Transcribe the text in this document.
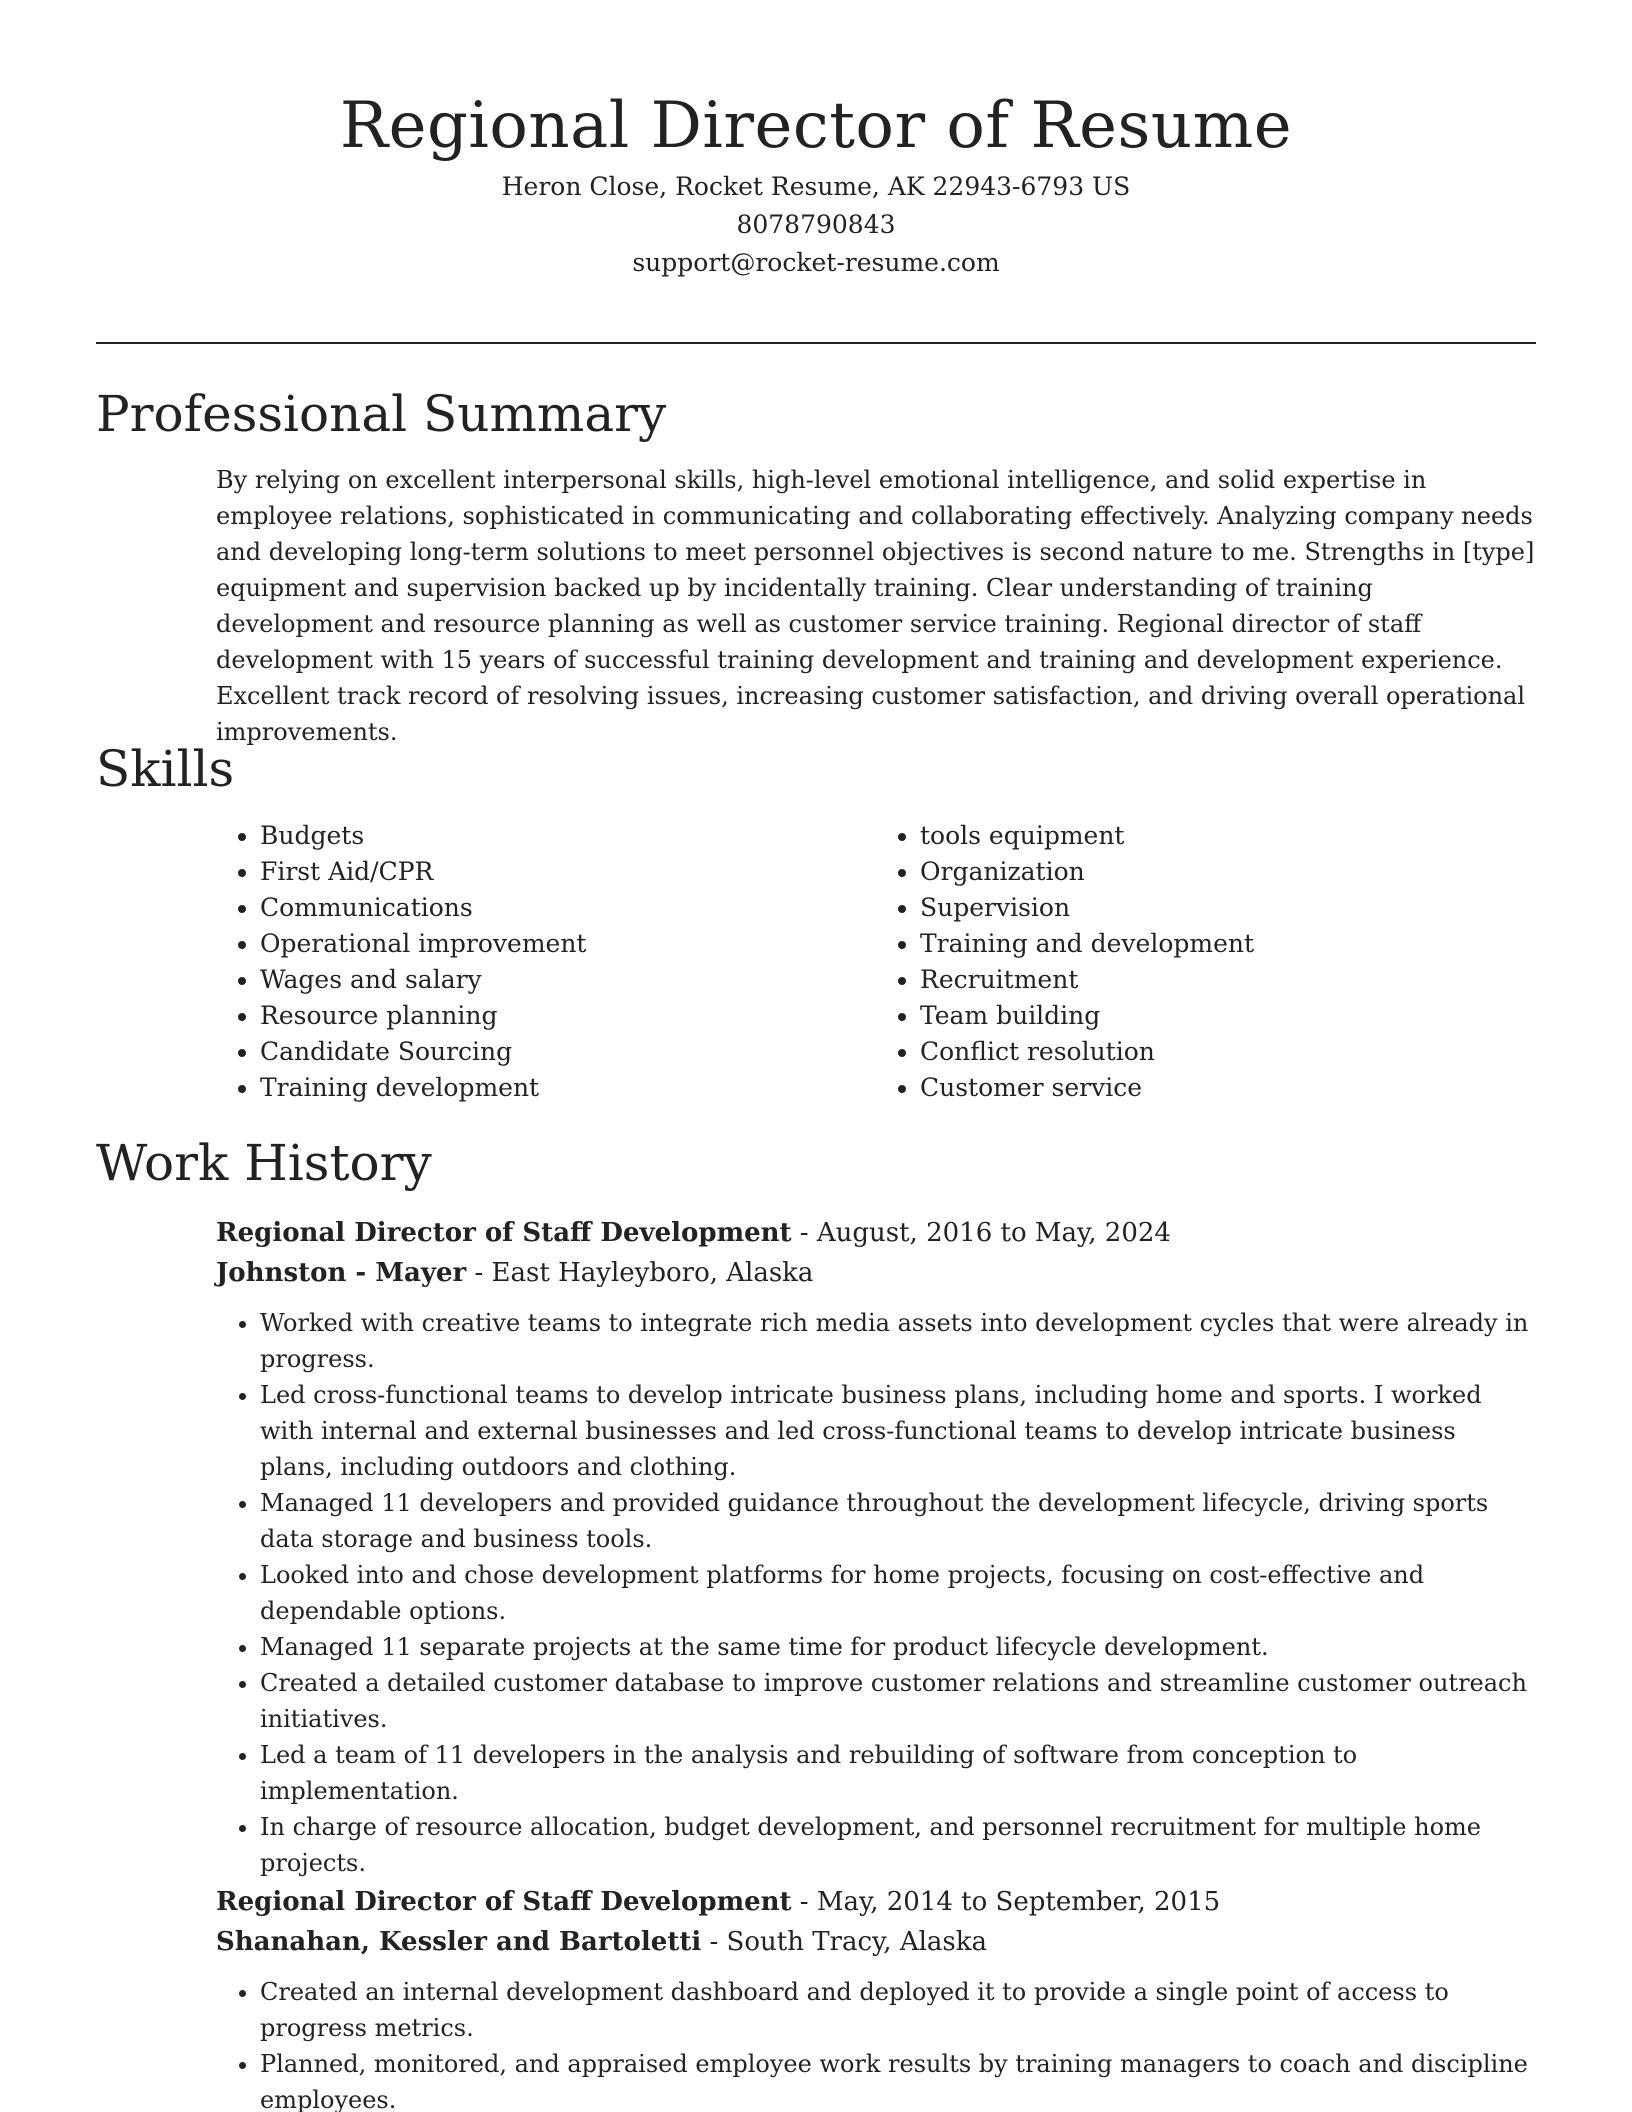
Regional Director of Resume
Heron Close, Rocket Resume, AK 22943-6793 US
8078790843
support@rocket-resume.com
Professional Summary

By relying on excellent interpersonal skills, high-level emotional intelligence, and solid expertise in employee relations, sophisticated in communicating and collaborating effectively. Analyzing company needs and developing long-term solutions to meet personnel objectives is second nature to me. Strengths in [type] equipment and supervision backed up by incidentally training. Clear understanding of training development and resource planning as well as customer service training. Regional director of staff development with 15 years of successful training development and training and development experience. Excellent track record of resolving issues, increasing customer satisfaction, and driving overall operational improvements.

Skills
• Budgets
• First Aid/CPR
• Communications
• Operational improvement
• Wages and salary
• Resource planning
• Candidate Sourcing
• Training development
• tools equipment
• Organization
• Supervision
• Training and development
• Recruitment
• Team building
• Conflict resolution
• Customer service
Work History
Regional Director of Staff Development - August, 2016 to May, 2024
Johnston - Mayer - East Hayleyboro, Alaska
• Worked with creative teams to integrate rich media assets into development cycles that were already in progress.
• Led cross-functional teams to develop intricate business plans, including home and sports. I worked with internal and external businesses and led cross-functional teams to develop intricate business plans, including outdoors and clothing.
• Managed 11 developers and provided guidance throughout the development lifecycle, driving sports data storage and business tools.
• Looked into and chose development platforms for home projects, focusing on cost-effective and dependable options.
• Managed 11 separate projects at the same time for product lifecycle development.
• Created a detailed customer database to improve customer relations and streamline customer outreach initiatives.
• Led a team of 11 developers in the analysis and rebuilding of software from conception to implementation.
• In charge of resource allocation, budget development, and personnel recruitment for multiple home projects.
Regional Director of Staff Development - May, 2014 to September, 2015
Shanahan, Kessler and Bartoletti - South Tracy, Alaska
• Created an internal development dashboard and deployed it to provide a single point of access to progress metrics.
• Planned, monitored, and appraised employee work results by training managers to coach and discipline employees.
